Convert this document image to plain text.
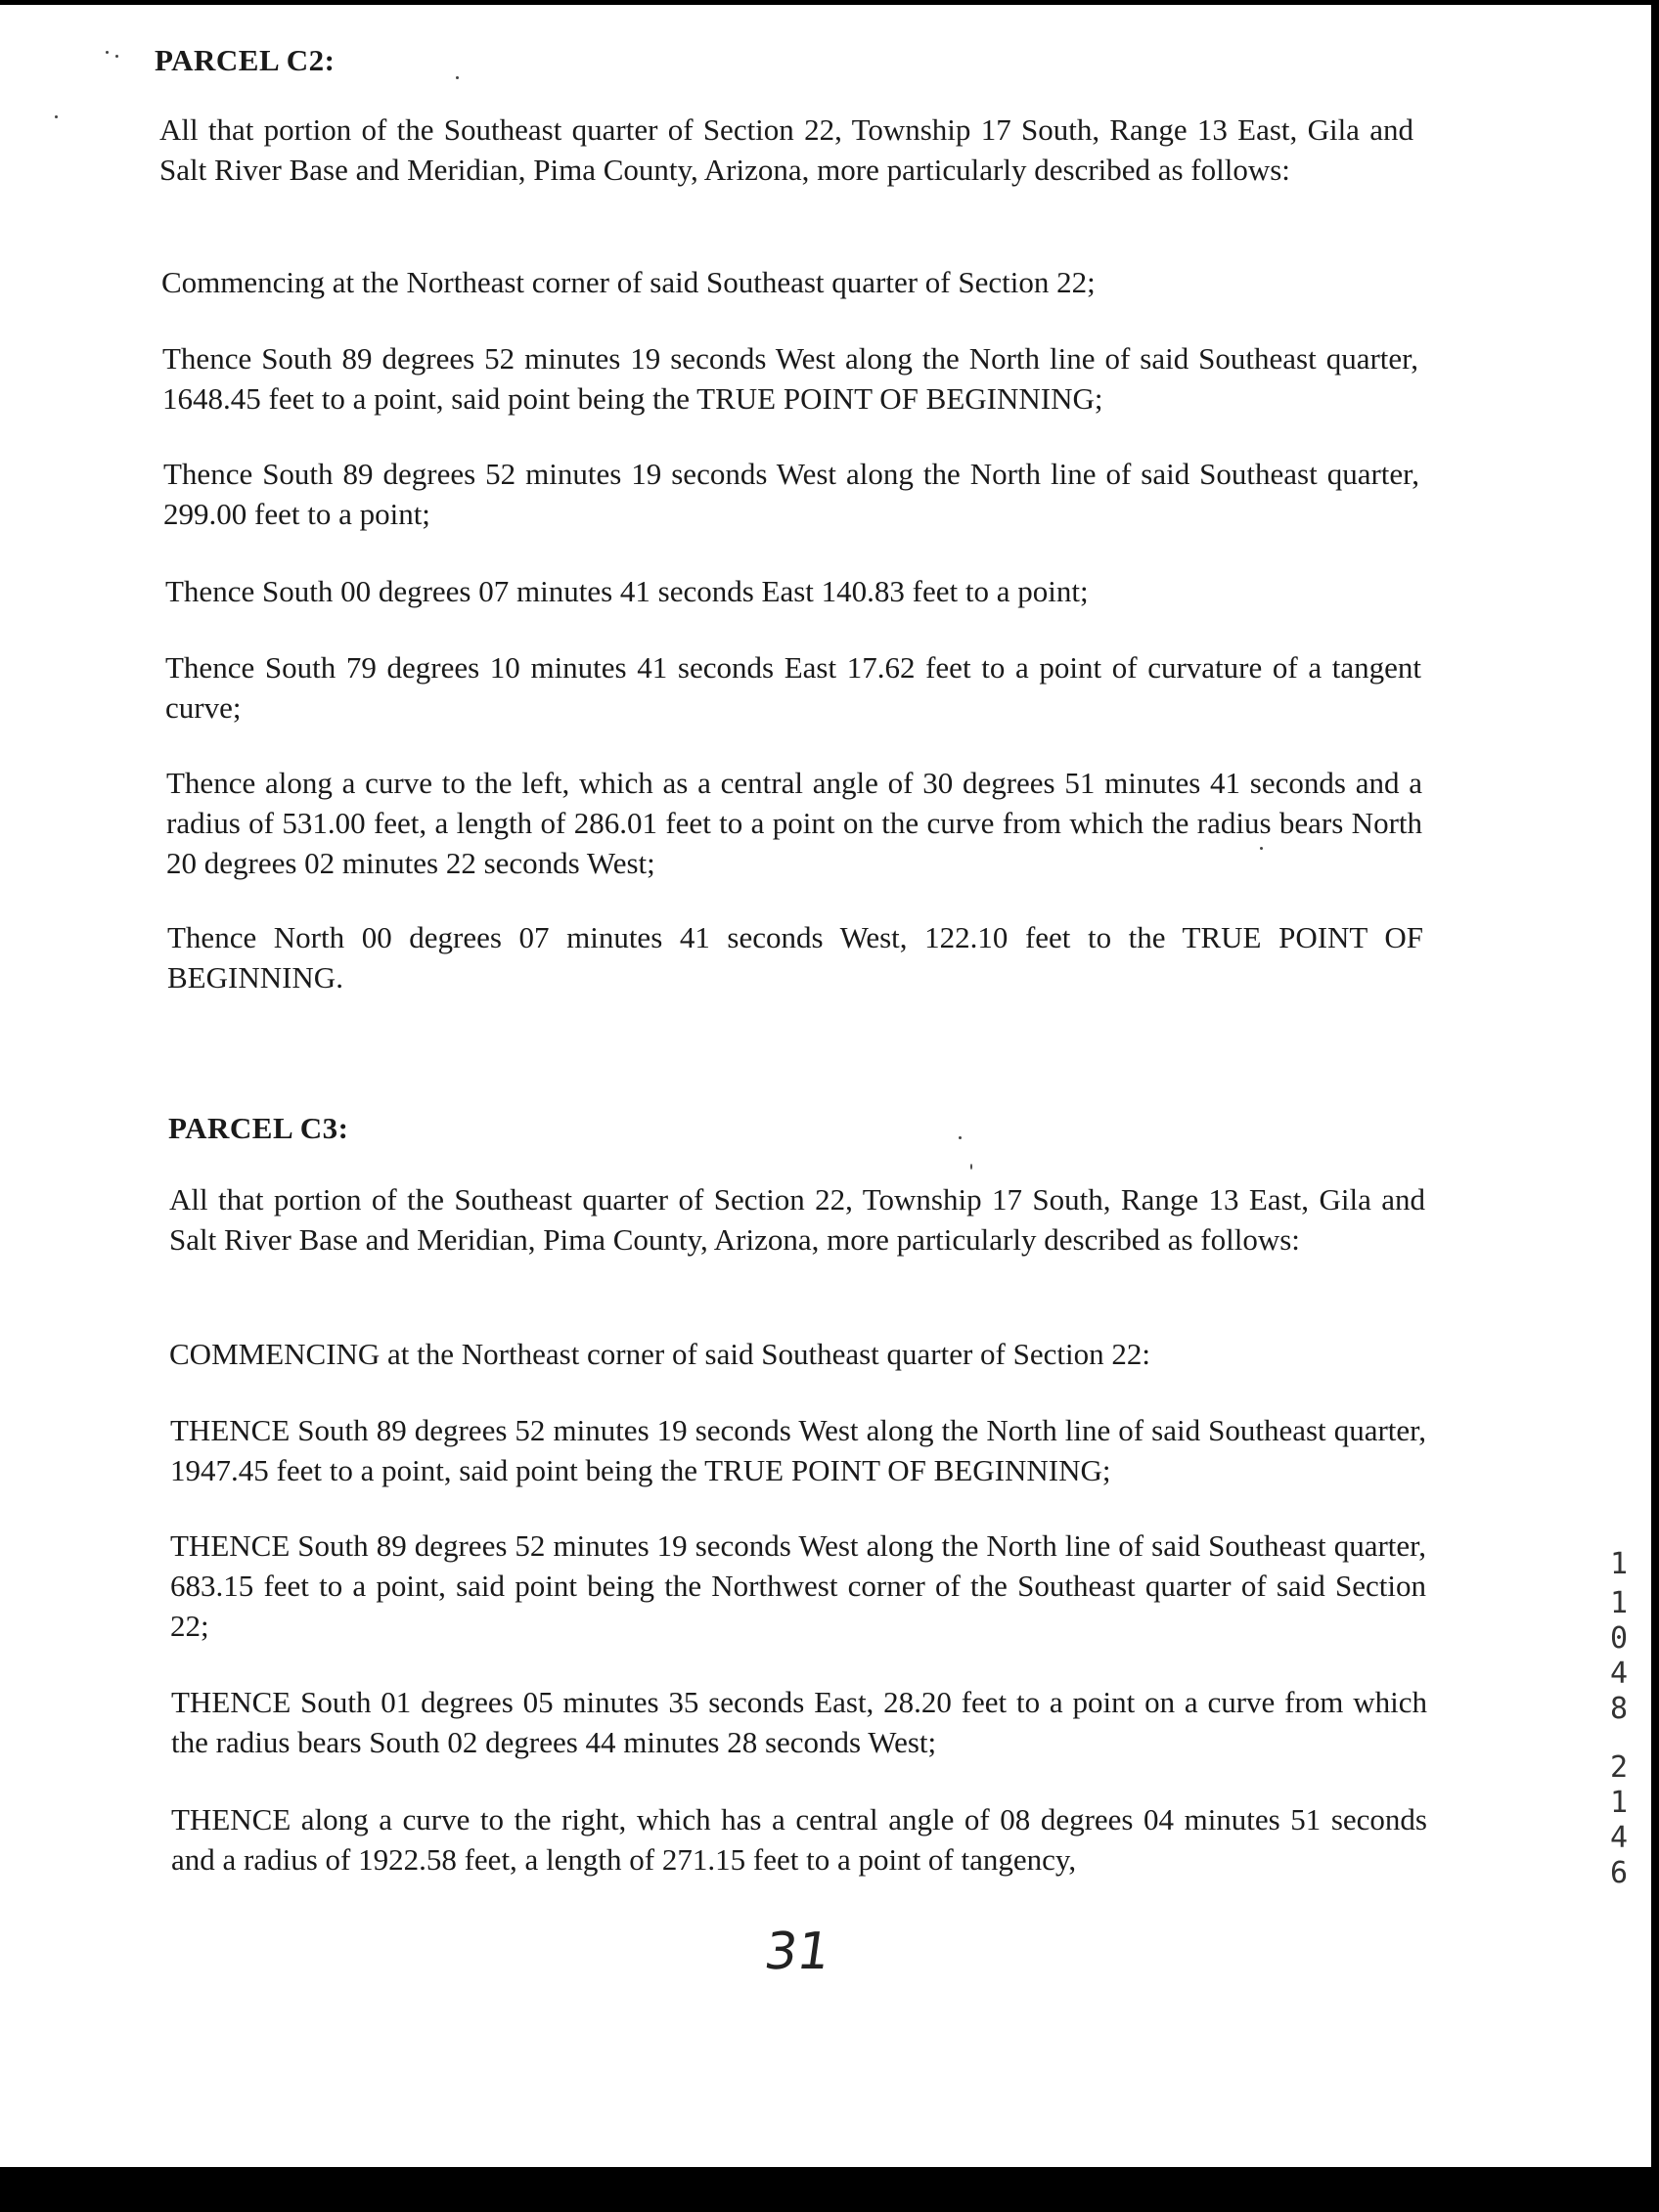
PARCEL C2:
All that portion of the Southeast quarter of Section 22, Township 17 South, Range 13 East, Gila and Salt River Base and Meridian, Pima County, Arizona, more particularly described as follows:
Commencing at the Northeast corner of said Southeast quarter of Section 22;
Thence South 89 degrees 52 minutes 19 seconds West along the North line of said Southeast quarter, 1648.45 feet to a point, said point being the TRUE POINT OF BEGINNING;
Thence South 89 degrees 52 minutes 19 seconds West along the North line of said Southeast quarter, 299.00 feet to a point;
Thence South 00 degrees 07 minutes 41 seconds East 140.83 feet to a point;
Thence South 79 degrees 10 minutes 41 seconds East 17.62 feet to a point of curvature of a tangent curve;
Thence along a curve to the left, which as a central angle of 30 degrees 51 minutes 41 seconds and a radius of 531.00 feet, a length of 286.01 feet to a point on the curve from which the radius bears North 20 degrees 02 minutes 22 seconds West;
Thence North 00 degrees 07 minutes 41 seconds West, 122.10 feet to the TRUE POINT OF BEGINNING.
PARCEL C3:
All that portion of the Southeast quarter of Section 22, Township 17 South, Range 13 East, Gila and Salt River Base and Meridian, Pima County, Arizona, more particularly described as follows:
COMMENCING at the Northeast corner of said Southeast quarter of Section 22:
THENCE South 89 degrees 52 minutes 19 seconds West along the North line of said Southeast quarter, 1947.45 feet to a point, said point being the TRUE POINT OF BEGINNING;
THENCE South 89 degrees 52 minutes 19 seconds West along the North line of said Southeast quarter, 683.15 feet to a point, said point being the Northwest corner of the Southeast quarter of said Section 22;
THENCE South 01 degrees 05 minutes 35 seconds East, 28.20 feet to a point on a curve from which the radius bears South 02 degrees 44 minutes 28 seconds West;
THENCE along a curve to the right, which has a central angle of 08 degrees 04 minutes 51 seconds and a radius of 1922.58 feet, a length of 271.15 feet to a point of tangency,
31
1
1
0
4
8
2
1
4
6
